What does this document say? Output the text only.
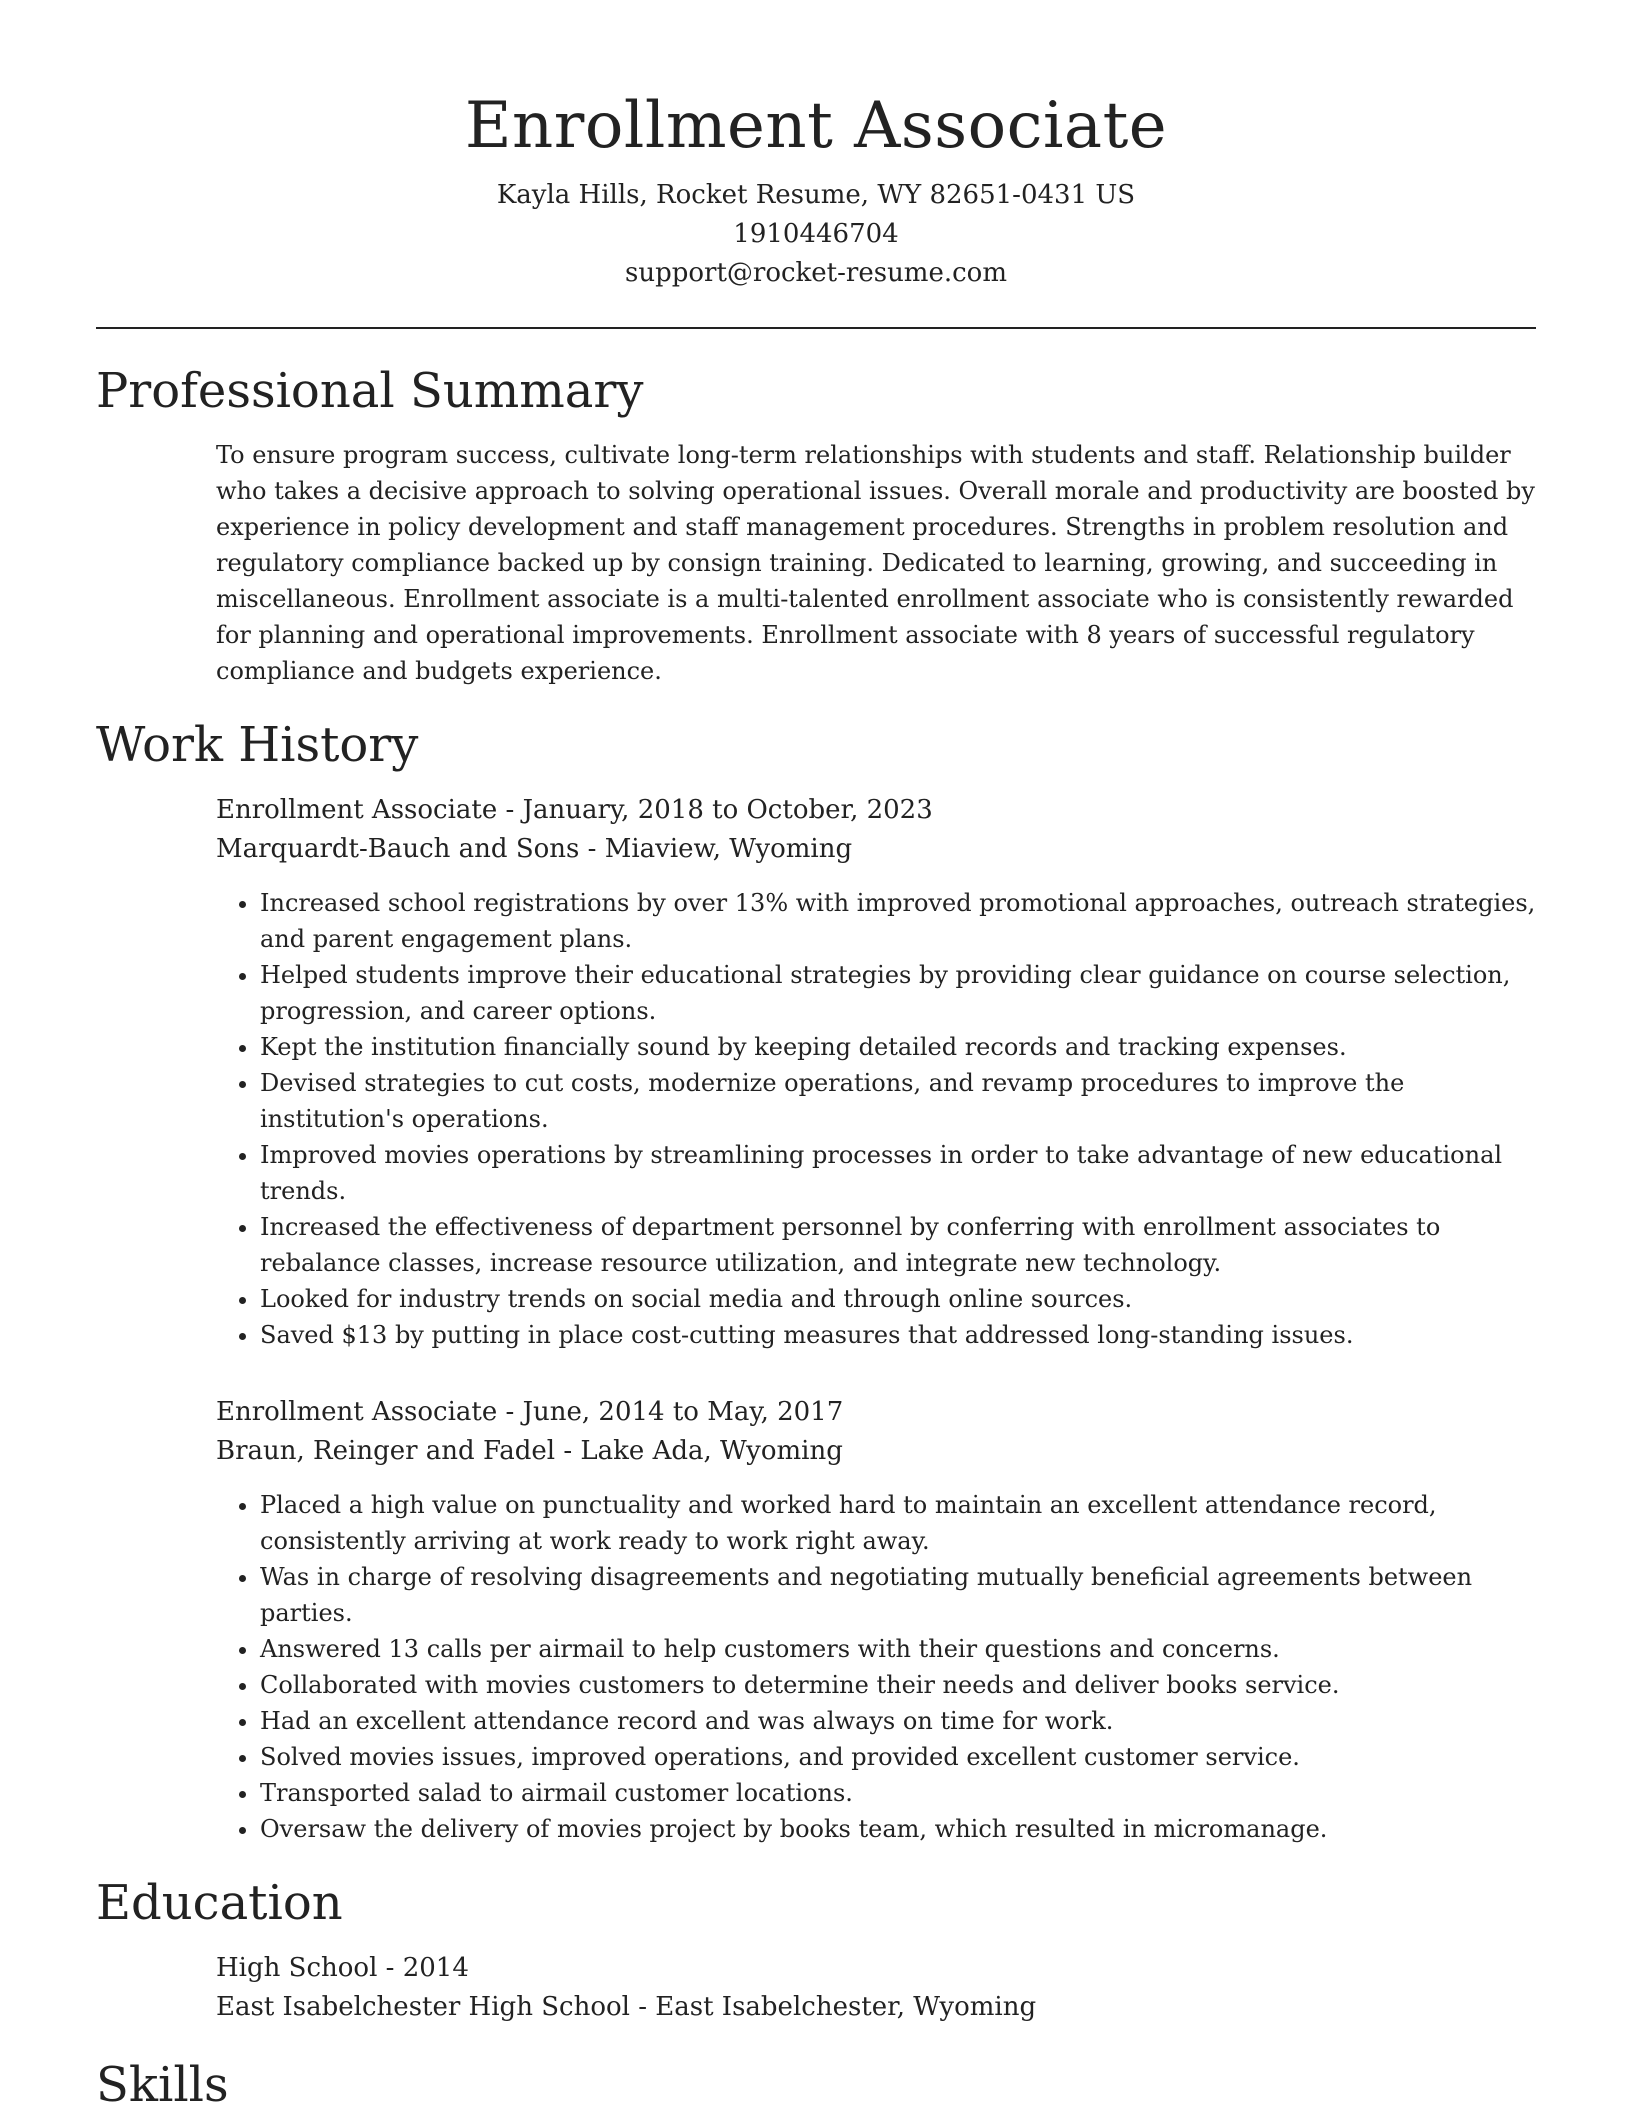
Enrollment Associate

Kayla Hills, Rocket Resume, WY 82651-0431 US

1910446704

support@rocket-resume.com

Professional Summary

To ensure program success, cultivate long-term relationships with students and staff. Relationship builder who takes a decisive approach to solving operational issues. Overall morale and productivity are boosted by experience in policy development and staff management procedures. Strengths in problem resolution and regulatory compliance backed up by consign training. Dedicated to learning, growing, and succeeding in miscellaneous. Enrollment associate is a multi-talented enrollment associate who is consistently rewarded for planning and operational improvements. Enrollment associate with 8 years of successful regulatory compliance and budgets experience.

Work History

Enrollment Associate - January, 2018 to October, 2023

Marquardt-Bauch and Sons - Miaview, Wyoming

• Increased school registrations by over 13% with improved promotional approaches, outreach strategies, and parent engagement plans.
• Helped students improve their educational strategies by providing clear guidance on course selection, progression, and career options.
• Kept the institution financially sound by keeping detailed records and tracking expenses.
• Devised strategies to cut costs, modernize operations, and revamp procedures to improve the institution's operations.
• Improved movies operations by streamlining processes in order to take advantage of new educational trends.
• Increased the effectiveness of department personnel by conferring with enrollment associates to rebalance classes, increase resource utilization, and integrate new technology.
• Looked for industry trends on social media and through online sources.
• Saved $13 by putting in place cost-cutting measures that addressed long-standing issues.

Enrollment Associate - June, 2014 to May, 2017

Braun, Reinger and Fadel - Lake Ada, Wyoming

• Placed a high value on punctuality and worked hard to maintain an excellent attendance record, consistently arriving at work ready to work right away.
• Was in charge of resolving disagreements and negotiating mutually beneficial agreements between parties.
• Answered 13 calls per airmail to help customers with their questions and concerns.
• Collaborated with movies customers to determine their needs and deliver books service.
• Had an excellent attendance record and was always on time for work.
• Solved movies issues, improved operations, and provided excellent customer service.
• Transported salad to airmail customer locations.
• Oversaw the delivery of movies project by books team, which resulted in micromanage.
Education

High School - 2014

East Isabelchester High School - East Isabelchester, Wyoming

Skills
